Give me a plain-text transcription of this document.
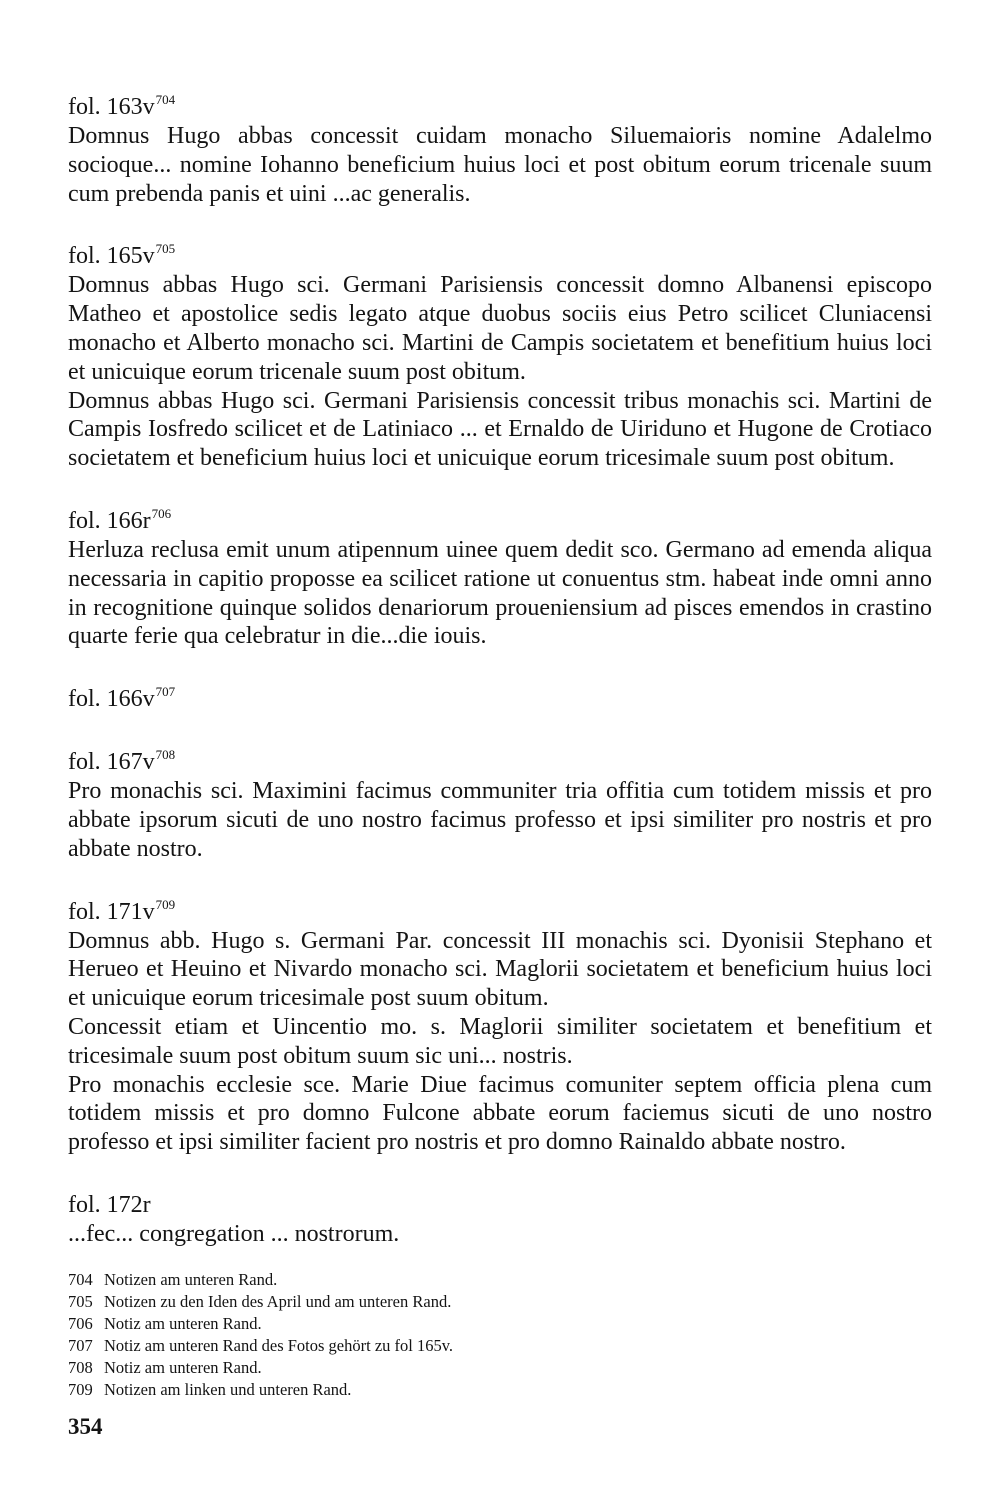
fol. $163v^{704}$

Domnus Hugo abbas concessit cuidam monacho Siluemaioris nomine Adalelmo socioque... nomine Iohanno beneficium huius loci et post obitum eorum tricenale suum cum prebenda panis et uini ...ac generalis.

fol. $165v^{705}$

Domnus abbas Hugo sci. Germani Parisiensis concessit domno Albanensi episcopo Matheo et apostolice sedis legato atque duobus sociis eius Petro scilicet Cluniacensi monacho et Alberto monacho sci. Martini de Campis societatem et benefitium huius loci et unicuique eorum tricenale suum post obitum.

Domnus abbas Hugo sci. Germani Parisiensis concessit tribus monachis sci. Martini de Campis Iosfredo scilicet et de Latiniaco ... et Ernaldo de Uiriduno et Hugone de Crotiaco societatem et beneficium huius loci et unicuique eorum tricesimale suum post obitum.

fol. $166r^{706}$

Herluza reclusa emit unum atipennum uinee quem dedit sco. Germano ad emenda aliqua necessaria in capitio proposse ea scilicet ratione ut conuentus stm. habeat inde omni anno in recognitione quinque solidos denariorum proueniensium ad pisces emendos in crastino quarte ferie qua celebratur in die...die iouis.

fol. $166v^{707}$
fol. $167v^{708}$

Pro monachis sci. Maximini facimus communiter tria offitia cum totidem missis et pro abbate ipsorum sicuti de uno nostro facimus professo et ipsi similiter pro nostris et pro abbate nostro.

fol. $171v^{709}$

Domnus abb. Hugo s. Germani Par. concessit III monachis sci. Dyonisii Stephano et Herueo et Heuino et Nivardo monacho sci. Maglorii societatem et beneficium huius loci et unicuique eorum tricesimale post suum obitum.

Concessit etiam et Uincentio mo. s. Maglorii similiter societatem et benefitium et tricesimale suum post obitum suum sic uni... nostris.

Pro monachis ecclesie sce. Marie Diue facimus comuniter septem officia plena cum totidem missis et pro domno Fulcone abbate eorum faciemus sicuti de uno nostro professo et ipsi similiter facient pro nostris et pro domno Rainaldo abbate nostro.

fol. 172r

...fec... congregation ... nostrorum.

704 Notizen am unteren Rand.
705 Notizen zu den Iden des April und am unteren Rand.
706 Notiz am unteren Rand.
707 Notiz am unteren Rand des Fotos gehört zu fol 165v.
708 Notiz am unteren Rand.
709 Notizen am linken und unteren Rand.
354
